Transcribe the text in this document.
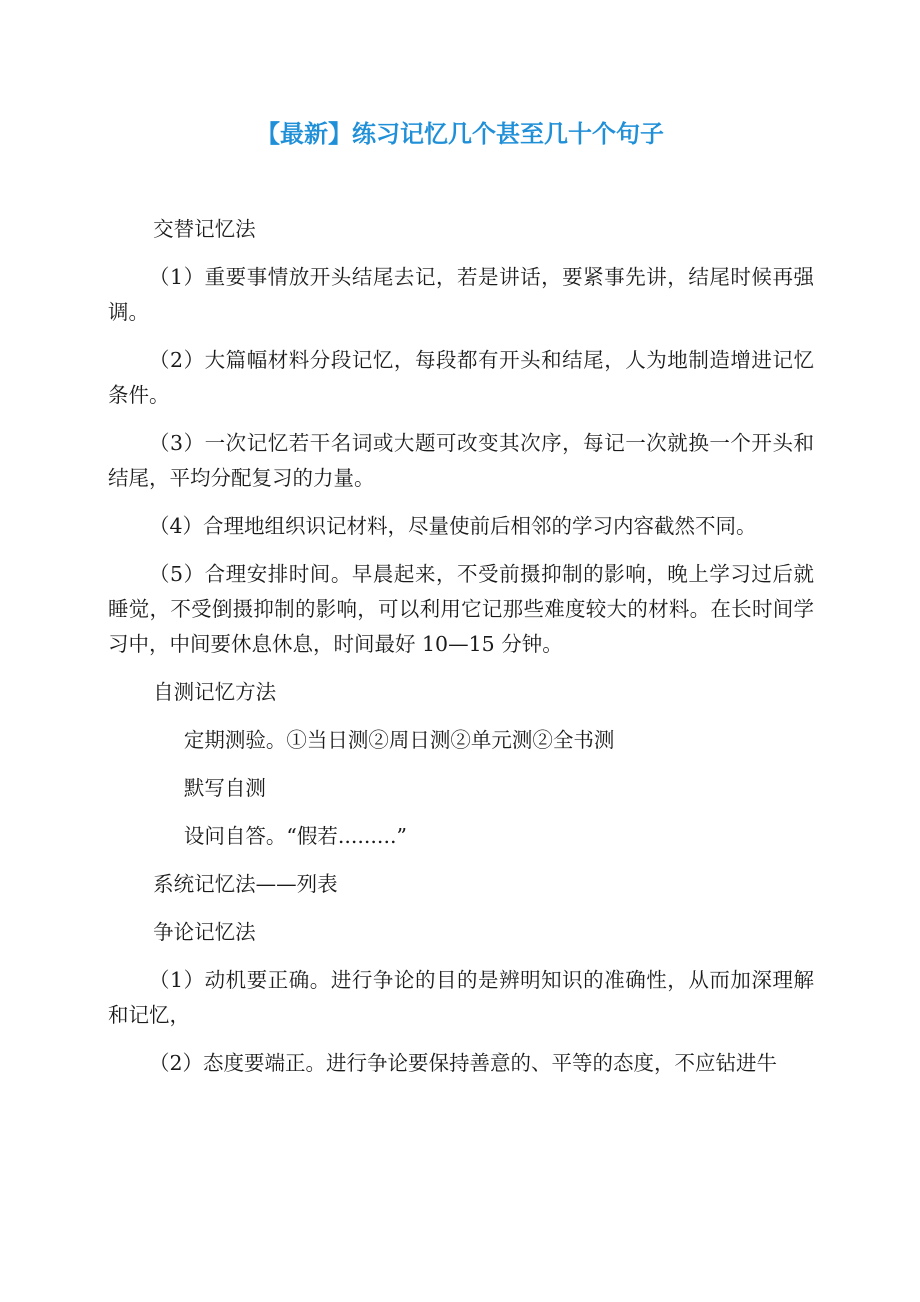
【最新】练习记忆几个甚至几十个句子

交替记忆法

（1）重要事情放开头结尾去记，若是讲话，要紧事先讲，结尾时候再强调。

（2）大篇幅材料分段记忆，每段都有开头和结尾，人为地制造增进记忆条件。

（3）一次记忆若干名词或大题可改变其次序，每记一次就换一个开头和结尾，平均分配复习的力量。

（4）合理地组织识记材料，尽量使前后相邻的学习内容截然不同。

（5）合理安排时间。早晨起来，不受前摄抑制的影响，晚上学习过后就睡觉，不受倒摄抑制的影响，可以利用它记那些难度较大的材料。在长时间学习中，中间要休息休息，时间最好 10—15 分钟。

自测记忆方法

定期测验。①当日测②周日测②单元测②全书测

默写自测

设问自答。“假若.........”

系统记忆法——列表

争论记忆法

（1）动机要正确。进行争论的目的是辨明知识的准确性，从而加深理解和记忆，

（2）态度要端正。进行争论要保持善意的、平等的态度，不应钻进牛
